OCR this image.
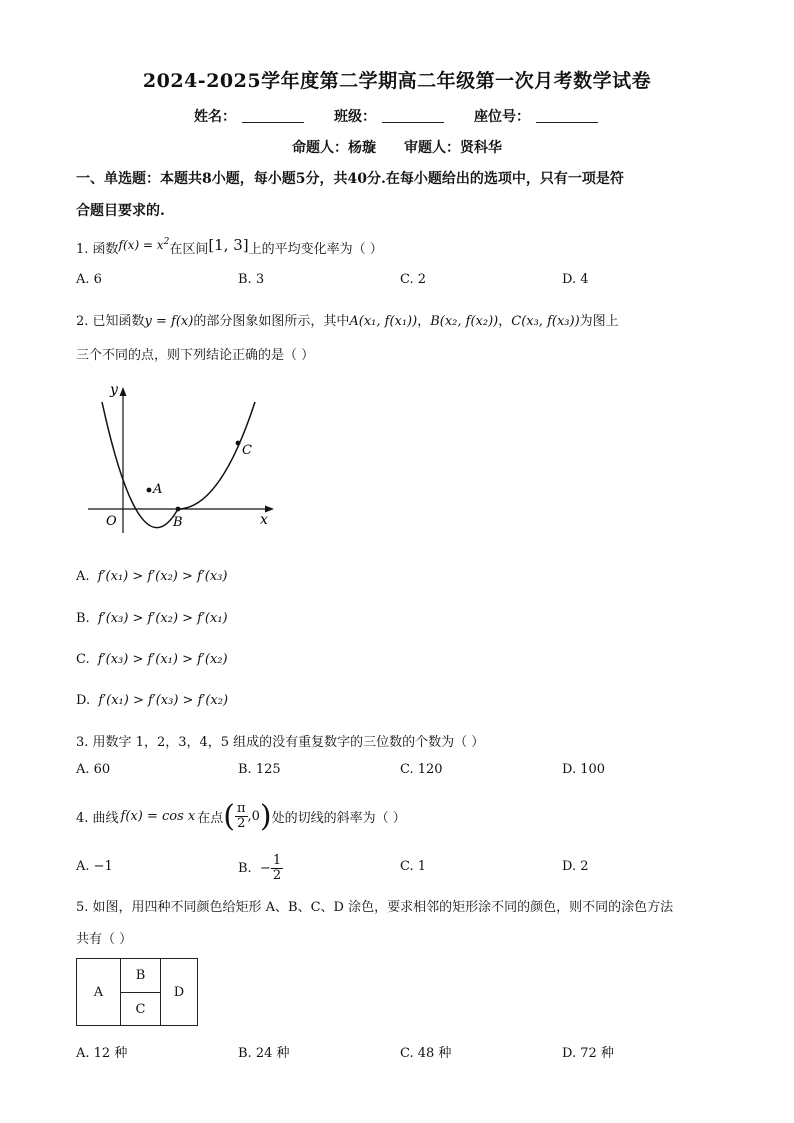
2024-2025学年度第二学期高二年级第一次月考数学试卷
姓名：	班级：	座位号：
命题人：杨璇 审题人：贤科华
一、单选题：本题共8小题，每小题5分，共40分.在每小题给出的选项中，只有一项是符
合题目要求的.
1. 函数$f(x) = x^2$在区间[1, 3]上的平均变化率为（ ）
A. 6	B. 3	C. 2	D. 4
2. 已知函数y = f(x)的部分图象如图所示，其中A(x₁, f(x₁))，B(x₂, f(x₂))，C(x₃, f(x₃))为图上
三个不同的点，则下列结论正确的是（ ）
y
x
O
A
B
C
A. f′(x₁) > f′(x₂) > f′(x₃)
B. f′(x₃) > f′(x₂) > f′(x₁)
C. f′(x₃) > f′(x₁) > f′(x₂)
D. f′(x₁) > f′(x₃) > f′(x₂)
3. 用数字 1，2，3，4，5 组成的没有重复数字的三位数的个数为（ ）
A. 60	B. 125	C. 120	D. 100
4. 曲线 f(x) = cos x 在点 ( $\frac{\pi}{2} ,0$ ) 处的切线的斜率为（ ）
A. −1	B.
− $\frac{1}{2}$	C. 1	D. 2
5. 如图，用四种不同颜色给矩形 A、B、C、D 涂色，要求相邻的矩形涂不同的颜色，则不同的涂色方法
共有（ ）
A
B
C
D
A. 12 种	B. 24 种	C. 48 种	D. 72 种
